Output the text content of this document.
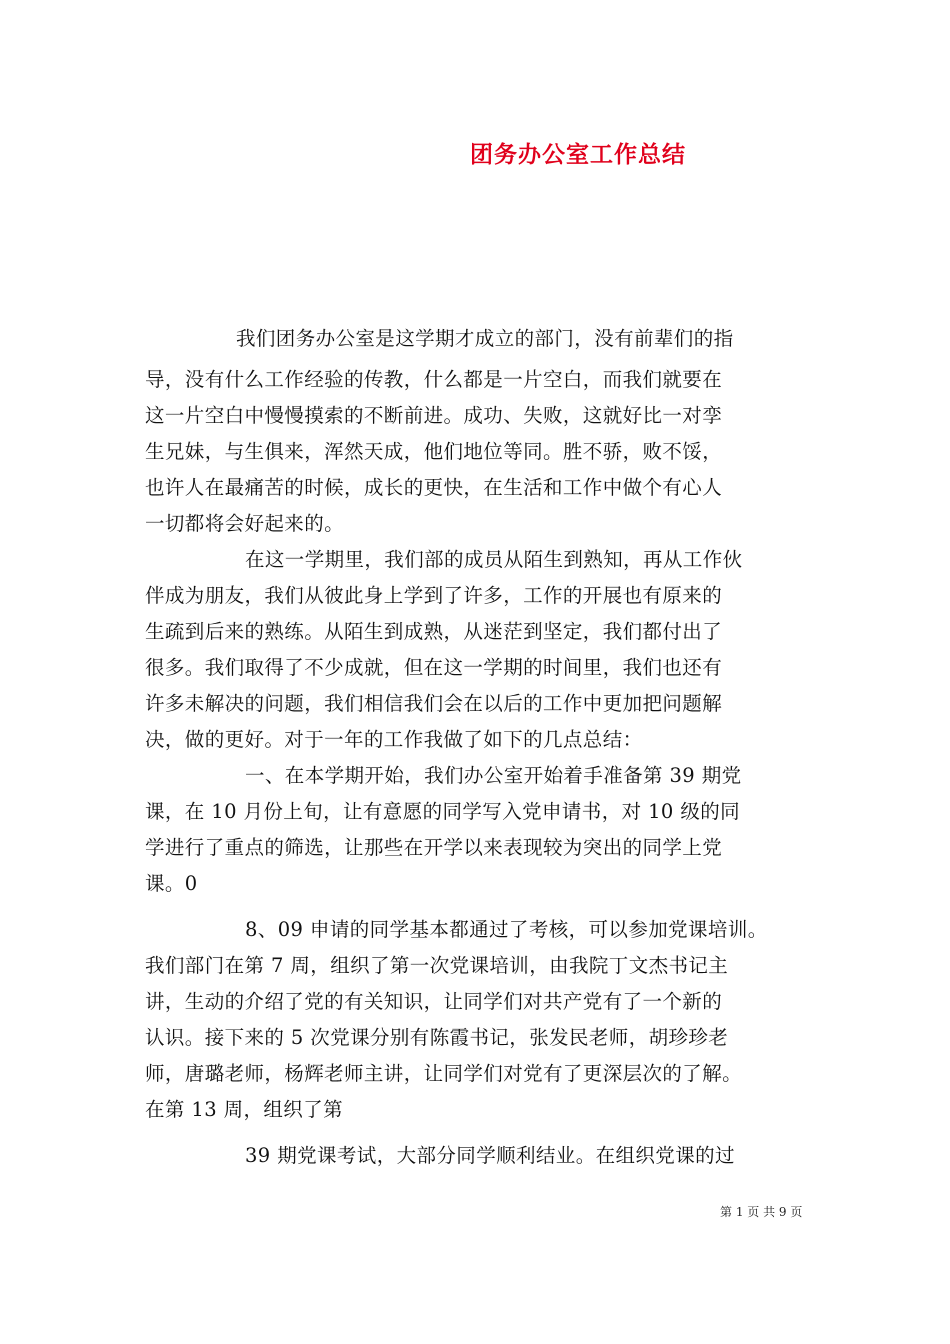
团务办公室工作总结
我们团务办公室是这学期才成立的部门，没有前辈们的指
导，没有什么工作经验的传教，什么都是一片空白，而我们就要在
这一片空白中慢慢摸索的不断前进。成功、失败，这就好比一对孪
生兄妹，与生俱来，浑然天成，他们地位等同。胜不骄，败不馁，
也许人在最痛苦的时候，成长的更快，在生活和工作中做个有心人
一切都将会好起来的。
在这一学期里，我们部的成员从陌生到熟知，再从工作伙
伴成为朋友，我们从彼此身上学到了许多，工作的开展也有原来的
生疏到后来的熟练。从陌生到成熟，从迷茫到坚定，我们都付出了
很多。我们取得了不少成就，但在这一学期的时间里，我们也还有
许多未解决的问题，我们相信我们会在以后的工作中更加把问题解
决，做的更好。对于一年的工作我做了如下的几点总结：
一、在本学期开始，我们办公室开始着手准备第 39 期党
课，在 10 月份上旬，让有意愿的同学写入党申请书，对 10 级的同
学进行了重点的筛选，让那些在开学以来表现较为突出的同学上党
课。0
8、09 申请的同学基本都通过了考核，可以参加党课培训。
我们部门在第 7 周，组织了第一次党课培训，由我院丁文杰书记主
讲，生动的介绍了党的有关知识，让同学们对共产党有了一个新的
认识。接下来的 5 次党课分别有陈霞书记，张发民老师，胡珍珍老
师，唐璐老师，杨辉老师主讲，让同学们对党有了更深层次的了解。
在第 13 周，组织了第
39 期党课考试，大部分同学顺利结业。在组织党课的过
第 1 页 共 9 页
